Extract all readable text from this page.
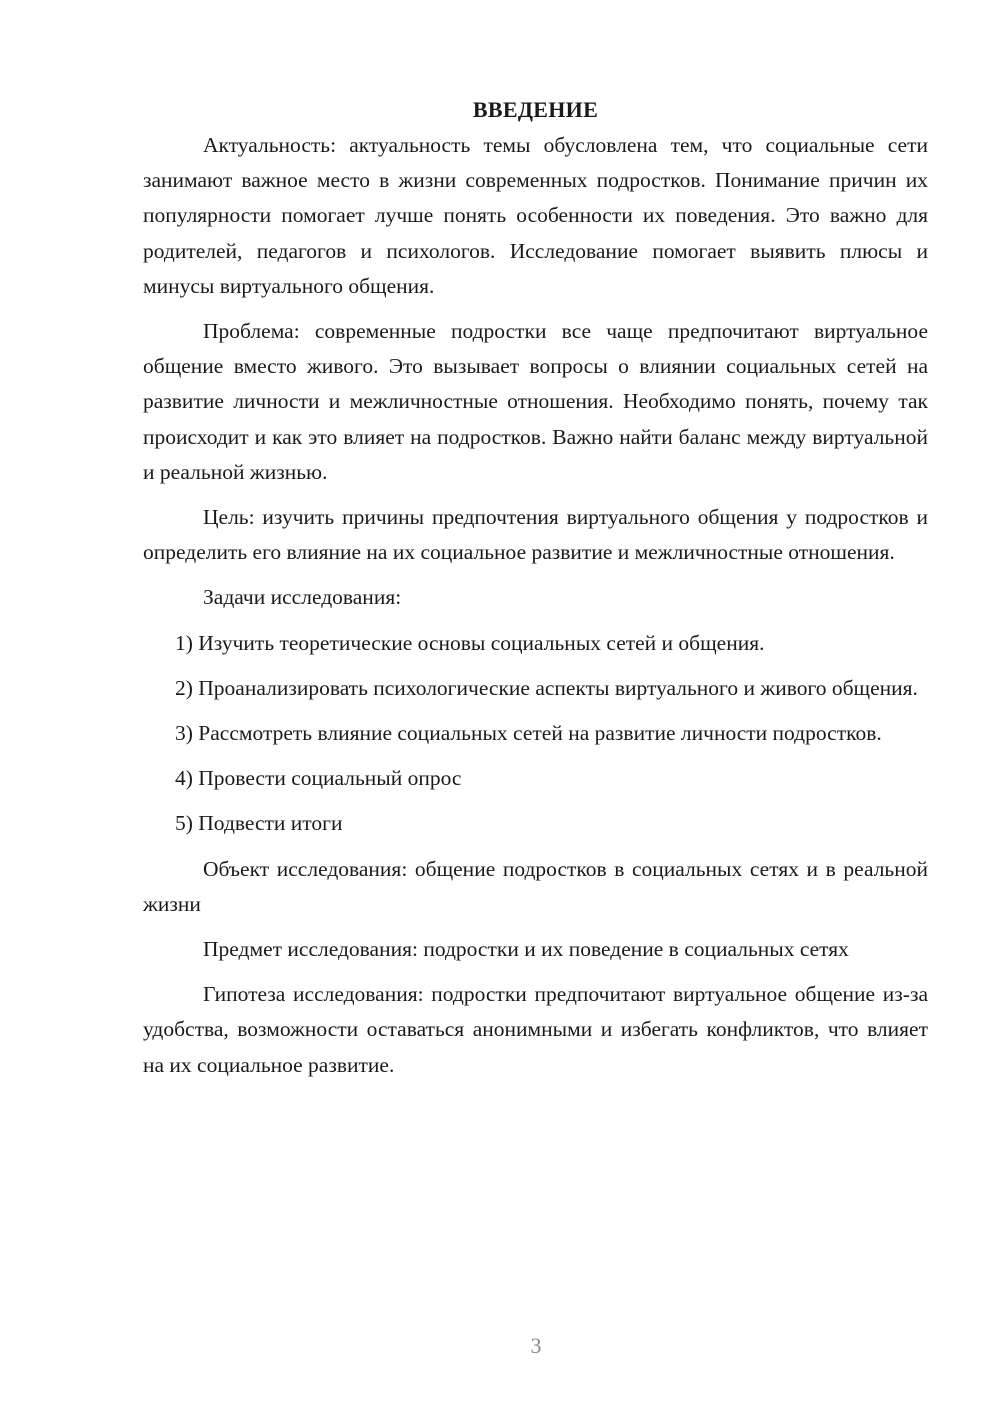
ВВЕДЕНИЕ

Актуальность: актуальность темы обусловлена тем, что социальные сети занимают важное место в жизни современных подростков. Понимание причин их популярности помогает лучше понять особенности их поведения. Это важно для родителей, педагогов и психологов. Исследование помогает выявить плюсы и минусы виртуального общения.

Проблема: современные подростки все чаще предпочитают виртуальное общение вместо живого. Это вызывает вопросы о влиянии социальных сетей на развитие личности и межличностные отношения. Необходимо понять, почему так происходит и как это влияет на подростков. Важно найти баланс между виртуальной и реальной жизнью.

Цель: изучить причины предпочтения виртуального общения у подростков и определить его влияние на их социальное развитие и межличностные отношения.

Задачи исследования:

1) Изучить теоретические основы социальных сетей и общения.

2) Проанализировать психологические аспекты виртуального и живого общения.

3) Рассмотреть влияние социальных сетей на развитие личности подростков.

4) Провести социальный опрос

5) Подвести итоги

Объект исследования: общение подростков в социальных сетях и в реальной жизни

Предмет исследования: подростки и их поведение в социальных сетях

Гипотеза исследования: подростки предпочитают виртуальное общение из-за удобства, возможности оставаться анонимными и избегать конфликтов, что влияет на их социальное развитие.

3
